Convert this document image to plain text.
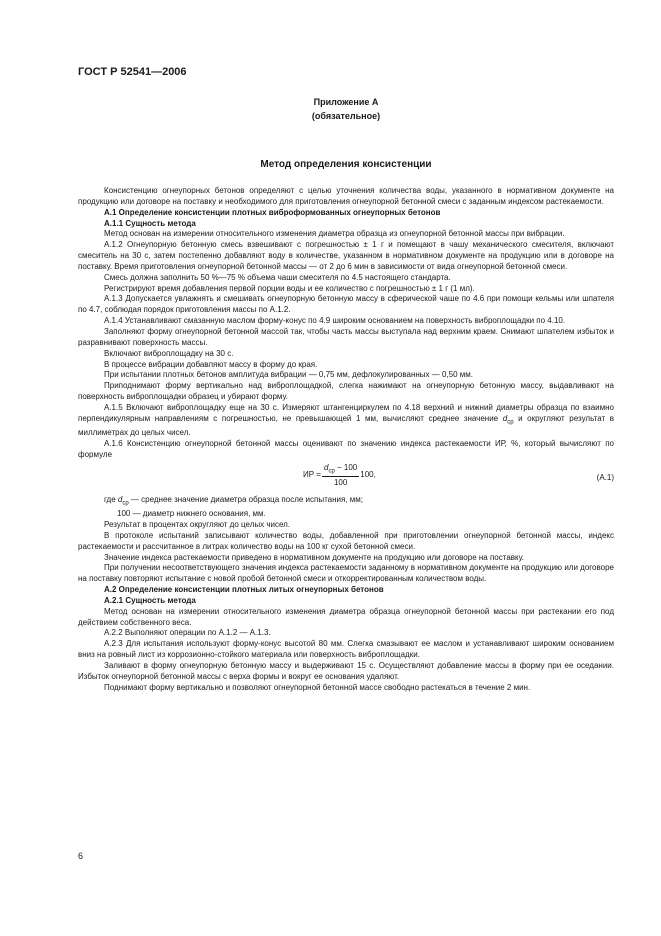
ГОСТ Р 52541—2006
Приложение А
(обязательное)
Метод определения консистенции

Консистенцию огнеупорных бетонов определяют с целью уточнения количества воды, указанного в нормативном документе на продукцию или договоре на поставку и необходимого для приготовления огнеупорной бетонной смеси с заданным индексом растекаемости.

А.1 Определение консистенции плотных виброформованных огнеупорных бетонов
А.1.1 Сущность метода

Метод основан на измерении относительного изменения диаметра образца из огнеупорной бетонной массы при вибрации.

А.1.2 Огнеупорную бетонную смесь взвешивают с погрешностью ± 1 г и помещают в чашу механического смесителя, включают смеситель на 30 с, затем постепенно добавляют воду в количестве, указанном в нормативном документе на продукцию или в договоре на поставку. Время приготовления огнеупорной бетонной массы — от 2 до 6 мин в зависимости от вида огнеупорной бетонной смеси.

Смесь должна заполнить 50 %—75 % объема чаши смесителя по 4.5 настоящего стандарта.

Регистрируют время добавления первой порции воды и ее количество с погрешностью ± 1 г (1 мл).

А.1.3 Допускается увлажнять и смешивать огнеупорную бетонную массу в сферической чаше по 4.6 при помощи кельмы или шпателя по 4.7, соблюдая порядок приготовления массы по А.1.2.

А.1.4 Устанавливают смазанную маслом форму-конус по 4.9 широким основанием на поверхность виброплощадки по 4.10.

Заполняют форму огнеупорной бетонной массой так, чтобы часть массы выступала над верхним краем. Снимают шпателем избыток и разравнивают поверхность массы.

Включают виброплощадку на 30 с.

В процессе вибрации добавляют массу в форму до края.

При испытании плотных бетонов амплитуда вибрации — 0,75 мм, дефлокулированных — 0,50 мм.

Приподнимают форму вертикально над виброплощадкой, слегка нажимают на огнеупорную бетонную массу, выдавливают на поверхность виброплощадки образец и убирают форму.

А.1.5 Включают виброплощадку еще на 30 с. Измеряют штангенциркулем по 4.18 верхний и нижний диаметры образца по взаимно перпендикулярным направлениям с погрешностью, не превышающей 1 мм, вычисляют среднее значение $d_{ср}$ и округляют результат в миллиметрах до целых чисел.

А.1.6 Консистенцию огнеупорной бетонной массы оценивают по значению индекса растекаемости ИР, %, который вычисляют по формуле

ИР = $\frac{d_{ср} - 100}{100} 100$,	(А.1)

где $d_{ср}$ — среднее значение диаметра образца после испытания, мм;

100 — диаметр нижнего основания, мм.

Результат в процентах округляют до целых чисел.

В протоколе испытаний записывают количество воды, добавленной при приготовлении огнеупорной бетонной массы, индекс растекаемости и рассчитанное в литрах количество воды на 100 кг сухой бетонной смеси.

Значение индекса растекаемости приведено в нормативном документе на продукцию или договоре на поставку.

При получении несоответствующего значения индекса растекаемости заданному в нормативном документе на продукцию или договоре на поставку повторяют испытание с новой пробой бетонной смеси и откорректированным количеством воды.

А.2 Определение консистенции плотных литых огнеупорных бетонов
А.2.1 Сущность метода

Метод основан на измерении относительного изменения диаметра образца огнеупорной бетонной массы при растекании его под действием собственного веса.

А.2.2 Выполняют операции по А.1.2 — А.1.3.

А.2.3 Для испытания используют форму-конус высотой 80 мм. Слегка смазывают ее маслом и устанавливают широким основанием вниз на ровный лист из коррозионно-стойкого материала или поверхность виброплощадки.

Заливают в форму огнеупорную бетонную массу и выдерживают 15 с. Осуществляют добавление массы в форму при ее оседании. Избыток огнеупорной бетонной массы с верха формы и вокруг ее основания удаляют.

Поднимают форму вертикально и позволяют огнеупорной бетонной массе свободно растекаться в течение 2 мин.

6
